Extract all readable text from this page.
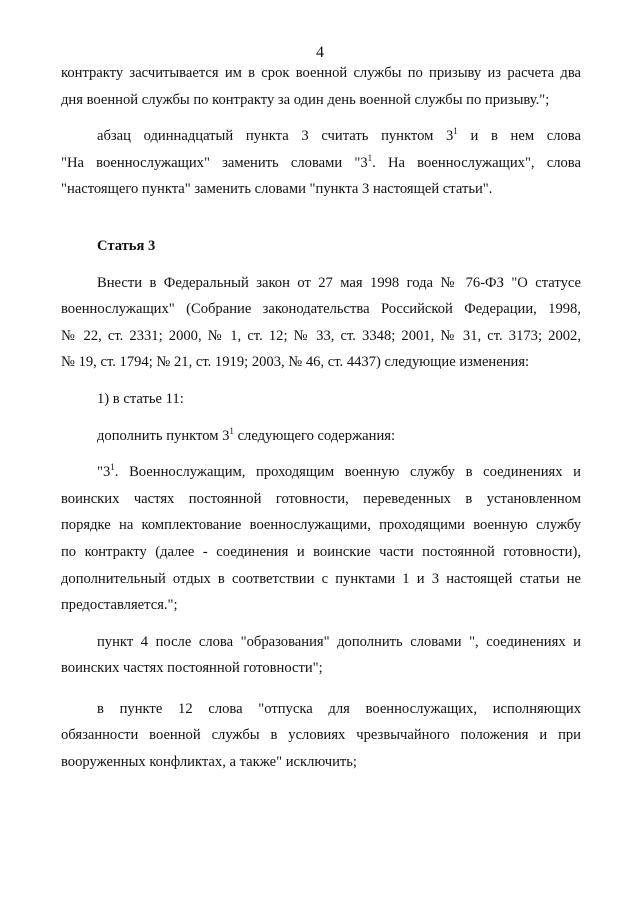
4

контракту засчитывается им в срок военной службы по призыву из расчета два

дня военной службы по контракту за один день военной службы по призыву.";

абзац одиннадцатый пункта 3 считать пунктом $3^1$ и в нем слова

"На военнослужащих" заменить словами "$3^1$. На военнослужащих", слова

"настоящего пункта" заменить словами "пункта 3 настоящей статьи".

Статья 3

Внести в Федеральный закон от 27 мая 1998 года № 76-ФЗ "О статусе

военнослужащих" (Собрание законодательства Российской Федерации, 1998,

№ 22, ст. 2331; 2000, № 1, ст. 12; № 33, ст. 3348; 2001, № 31, ст. 3173; 2002,

№ 19, ст. 1794; № 21, ст. 1919; 2003, № 46, ст. 4437) следующие изменения:

1) в статье 11:

дополнить пунктом $3^1$ следующего содержания:

"$3^1$. Военнослужащим, проходящим военную службу в соединениях и

воинских частях постоянной готовности, переведенных в установленном

порядке на комплектование военнослужащими, проходящими военную службу

по контракту (далее - соединения и воинские части постоянной готовности),

дополнительный отдых в соответствии с пунктами 1 и 3 настоящей статьи не

предоставляется.";

пункт 4 после слова "образования" дополнить словами ", соединениях и

воинских частях постоянной готовности";

в пункте 12 слова "отпуска для военнослужащих, исполняющих

обязанности военной службы в условиях чрезвычайного положения и при

вооруженных конфликтах, а также" исключить;
